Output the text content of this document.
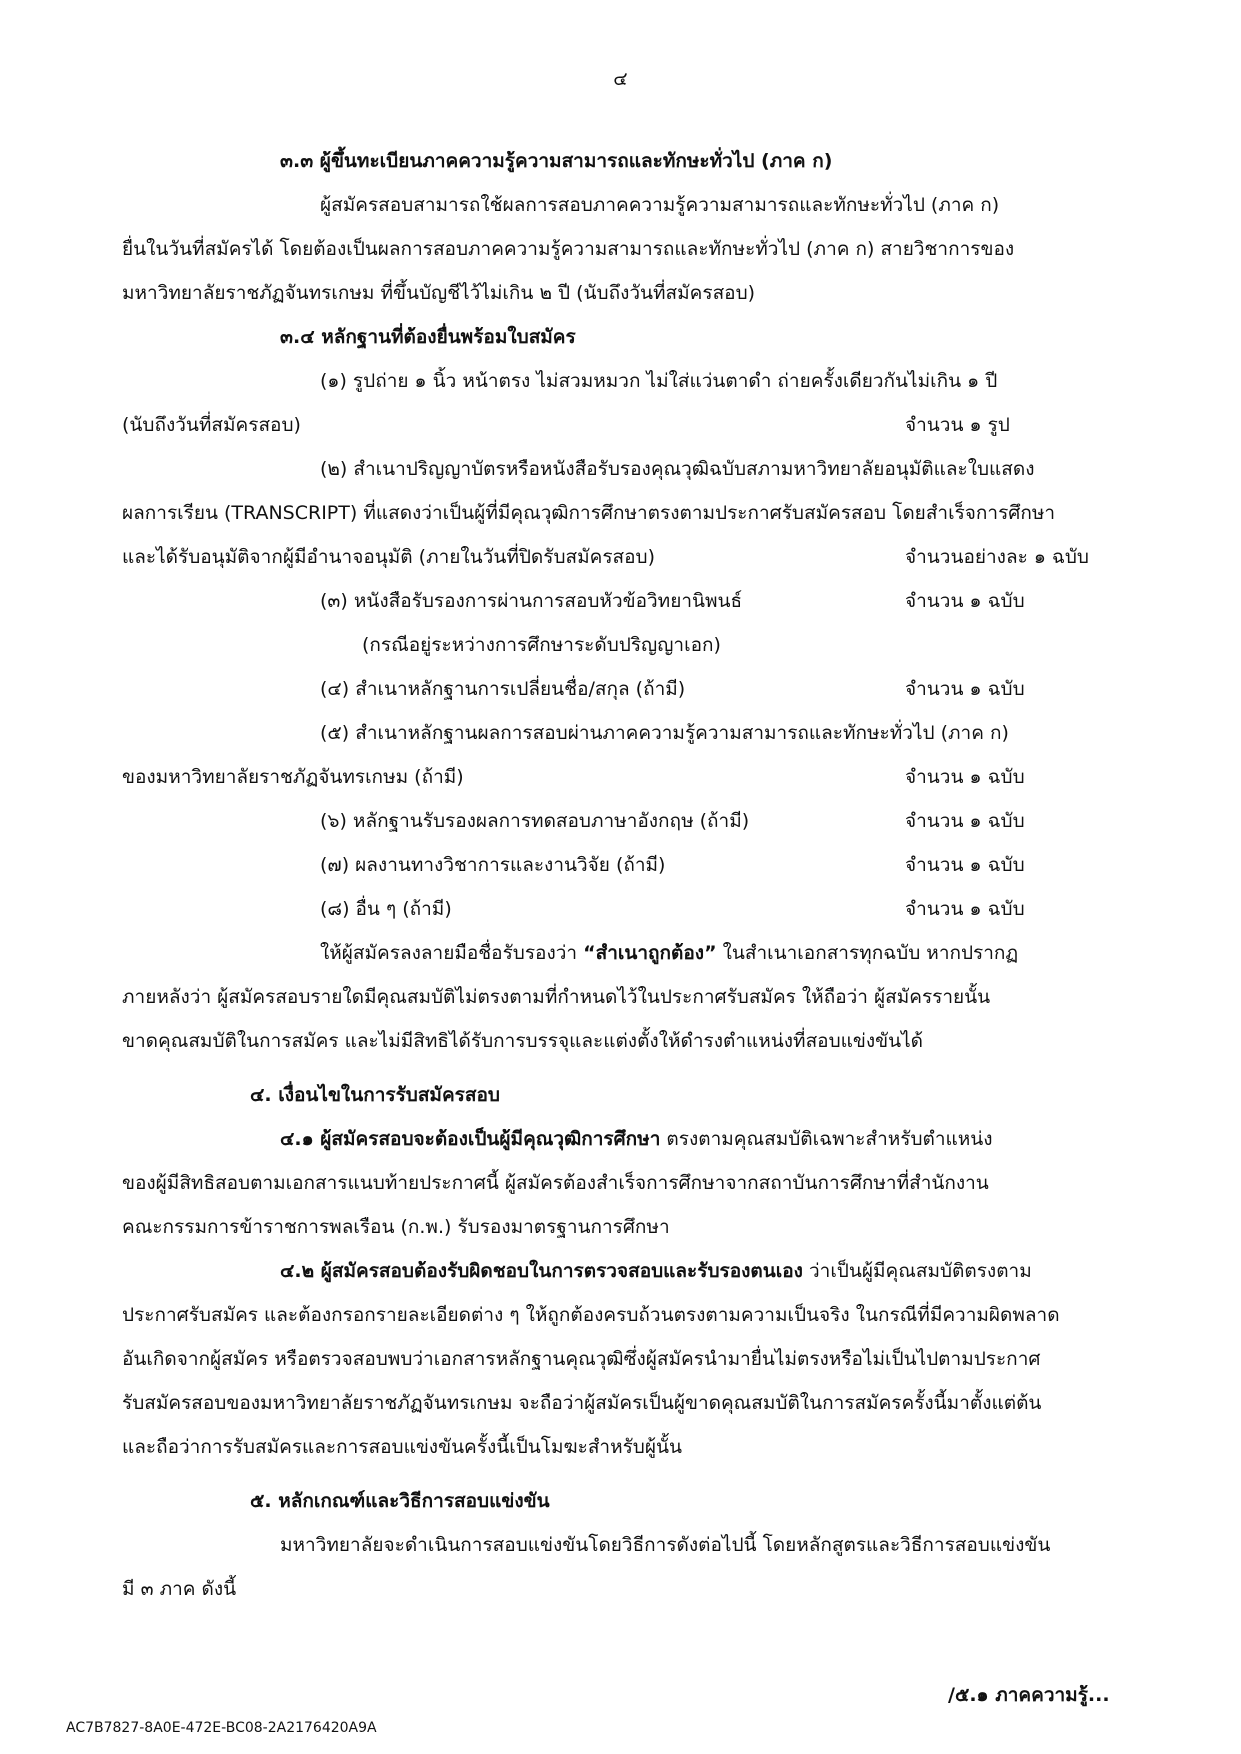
๔
๓.๓ ผู้ขึ้นทะเบียนภาคความรู้ความสามารถและทักษะทั่วไป (ภาค ก)
ผู้สมัครสอบสามารถใช้ผลการสอบภาคความรู้ความสามารถและทักษะทั่วไป (ภาค ก)
ยื่นในวันที่สมัครได้ โดยต้องเป็นผลการสอบภาคความรู้ความสามารถและทักษะทั่วไป (ภาค ก) สายวิชาการของ
มหาวิทยาลัยราชภัฏจันทรเกษม ที่ขึ้นบัญชีไว้ไม่เกิน ๒ ปี (นับถึงวันที่สมัครสอบ)
๓.๔ หลักฐานที่ต้องยื่นพร้อมใบสมัคร
(๑) รูปถ่าย ๑ นิ้ว หน้าตรง ไม่สวมหมวก ไม่ใส่แว่นตาดำ ถ่ายครั้งเดียวกันไม่เกิน ๑ ปี
(นับถึงวันที่สมัครสอบ)	จำนวน ๑ รูป
(๒) สำเนาปริญญาบัตรหรือหนังสือรับรองคุณวุฒิฉบับสภามหาวิทยาลัยอนุมัติและใบแสดง
ผลการเรียน (TRANSCRIPT) ที่แสดงว่าเป็นผู้ที่มีคุณวุฒิการศึกษาตรงตามประกาศรับสมัครสอบ โดยสำเร็จการศึกษา
และได้รับอนุมัติจากผู้มีอำนาจอนุมัติ (ภายในวันที่ปิดรับสมัครสอบ)	จำนวนอย่างละ ๑ ฉบับ
(๓) หนังสือรับรองการผ่านการสอบหัวข้อวิทยานิพนธ์	จำนวน ๑ ฉบับ
(กรณีอยู่ระหว่างการศึกษาระดับปริญญาเอก)
(๔) สำเนาหลักฐานการเปลี่ยนชื่อ/สกุล (ถ้ามี)	จำนวน ๑ ฉบับ
(๕) สำเนาหลักฐานผลการสอบผ่านภาคความรู้ความสามารถและทักษะทั่วไป (ภาค ก)
ของมหาวิทยาลัยราชภัฏจันทรเกษม (ถ้ามี)	จำนวน ๑ ฉบับ
(๖) หลักฐานรับรองผลการทดสอบภาษาอังกฤษ (ถ้ามี)	จำนวน ๑ ฉบับ
(๗) ผลงานทางวิชาการและงานวิจัย (ถ้ามี)	จำนวน ๑ ฉบับ
(๘) อื่น ๆ (ถ้ามี)	จำนวน ๑ ฉบับ
ให้ผู้สมัครลงลายมือชื่อรับรองว่า “สำเนาถูกต้อง” ในสำเนาเอกสารทุกฉบับ หากปรากฏ
ภายหลังว่า ผู้สมัครสอบรายใดมีคุณสมบัติไม่ตรงตามที่กำหนดไว้ในประกาศรับสมัคร ให้ถือว่า ผู้สมัครรายนั้น
ขาดคุณสมบัติในการสมัคร และไม่มีสิทธิได้รับการบรรจุและแต่งตั้งให้ดำรงตำแหน่งที่สอบแข่งขันได้
๔. เงื่อนไขในการรับสมัครสอบ
๔.๑ ผู้สมัครสอบจะต้องเป็นผู้มีคุณวุฒิการศึกษา ตรงตามคุณสมบัติเฉพาะสำหรับตำแหน่ง
ของผู้มีสิทธิสอบตามเอกสารแนบท้ายประกาศนี้ ผู้สมัครต้องสำเร็จการศึกษาจากสถาบันการศึกษาที่สำนักงาน
คณะกรรมการข้าราชการพลเรือน (ก.พ.) รับรองมาตรฐานการศึกษา
๔.๒ ผู้สมัครสอบต้องรับผิดชอบในการตรวจสอบและรับรองตนเอง ว่าเป็นผู้มีคุณสมบัติตรงตาม
ประกาศรับสมัคร และต้องกรอกรายละเอียดต่าง ๆ ให้ถูกต้องครบถ้วนตรงตามความเป็นจริง ในกรณีที่มีความผิดพลาด
อันเกิดจากผู้สมัคร หรือตรวจสอบพบว่าเอกสารหลักฐานคุณวุฒิซึ่งผู้สมัครนำมายื่นไม่ตรงหรือไม่เป็นไปตามประกาศ
รับสมัครสอบของมหาวิทยาลัยราชภัฏจันทรเกษม จะถือว่าผู้สมัครเป็นผู้ขาดคุณสมบัติในการสมัครครั้งนี้มาตั้งแต่ต้น
และถือว่าการรับสมัครและการสอบแข่งขันครั้งนี้เป็นโมฆะสำหรับผู้นั้น
๕. หลักเกณฑ์และวิธีการสอบแข่งขัน
มหาวิทยาลัยจะดำเนินการสอบแข่งขันโดยวิธีการดังต่อไปนี้ โดยหลักสูตรและวิธีการสอบแข่งขัน
มี ๓ ภาค ดังนี้
/๕.๑ ภาคความรู้...
AC7B7827-8A0E-472E-BC08-2A2176420A9A
